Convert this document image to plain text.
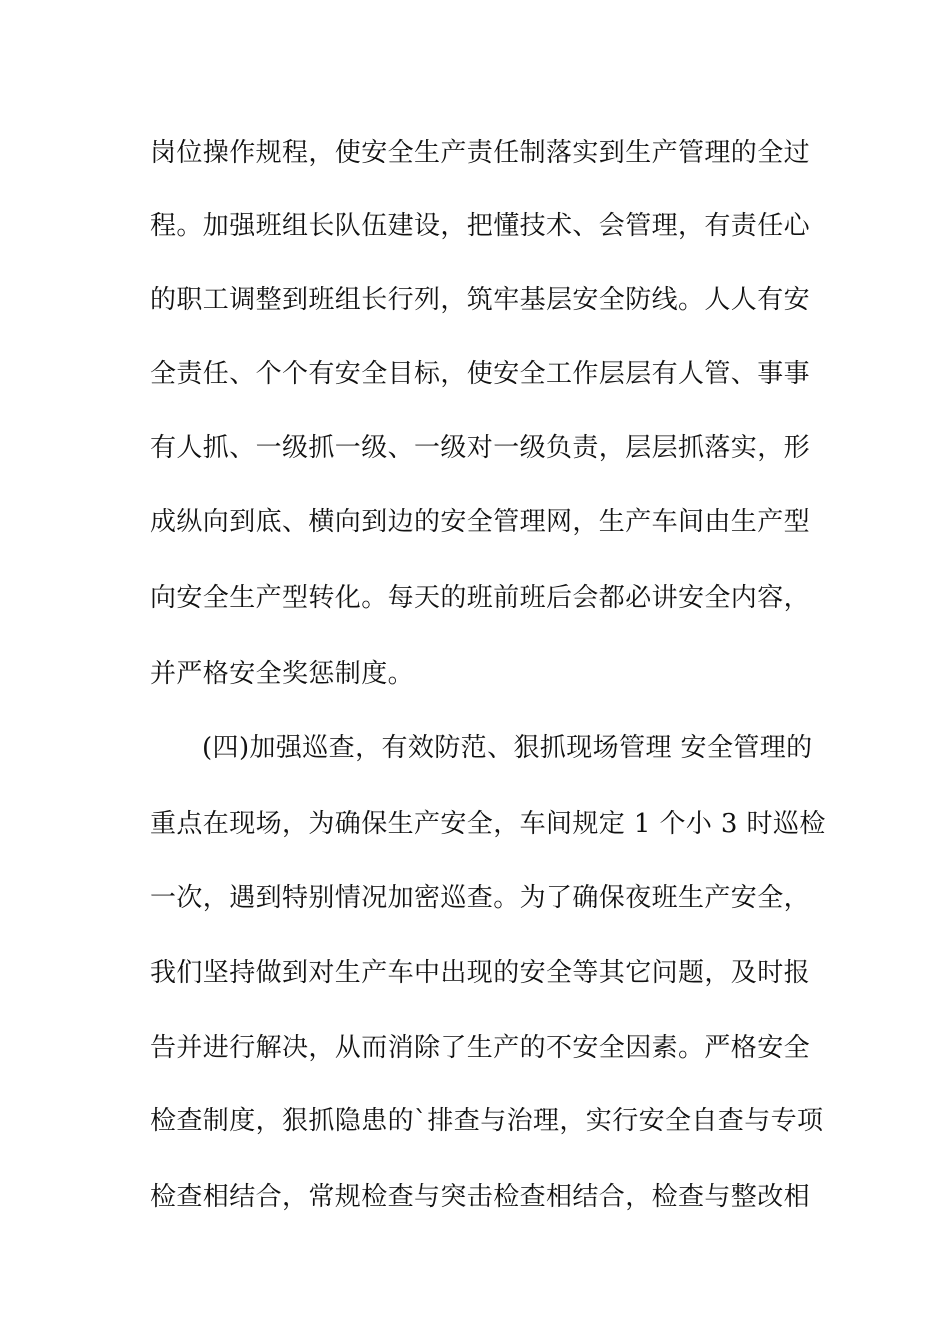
岗位操作规程，使安全生产责任制落实到生产管理的全过
程。加强班组长队伍建设，把懂技术、会管理，有责任心
的职工调整到班组长行列，筑牢基层安全防线。人人有安
全责任、个个有安全目标，使安全工作层层有人管、事事
有人抓、一级抓一级、一级对一级负责，层层抓落实，形
成纵向到底、横向到边的安全管理网，生产车间由生产型
向安全生产型转化。每天的班前班后会都必讲安全内容，
并严格安全奖惩制度。
(四)加强巡查，有效防范、狠抓现场管理 安全管理的
重点在现场，为确保生产安全，车间规定 1 个小 3 时巡检
一次，遇到特别情况加密巡查。为了确保夜班生产安全，
我们坚持做到对生产车中出现的安全等其它问题，及时报
告并进行解决，从而消除了生产的不安全因素。严格安全
检查制度，狠抓隐患的`排查与治理，实行安全自查与专项
检查相结合，常规检查与突击检查相结合，检查与整改相
